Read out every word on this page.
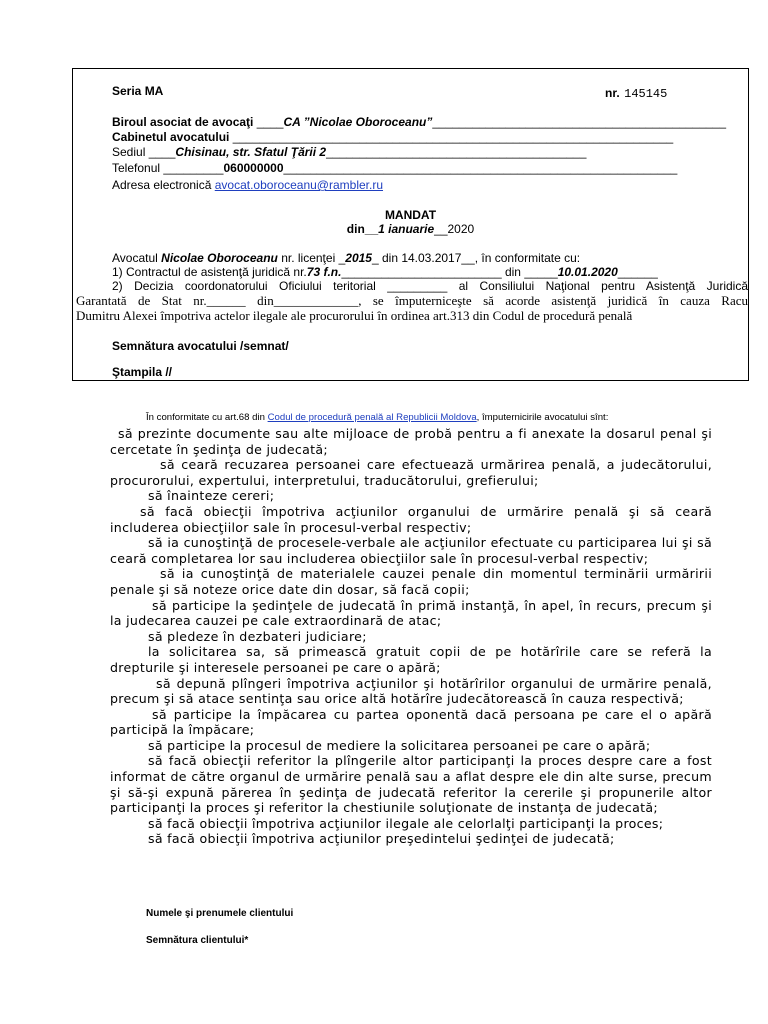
Seria MA	nr. 145145
Biroul asociat de avocaţi ____CA ”Nicolae Oboroceanu”____________________________________________
Cabinetul avocatului __________________________________________________________________
Sediul ____Chisinau, str. Sfatul Ţării 2_______________________________________
Telefonul _________060000000___________________________________________________________
Adresa electronică avocat.oboroceanu@rambler.ru
MANDAT
din__1 ianuarie__2020
Avocatul Nicolae Oboroceanu nr. licenţei _2015_ din 14.03.2017__, în conformitate cu:
1) Contractul de asistenţă juridică nr.73 f.n.________________________ din _____10.01.2020______
2) Decizia coordonatorului Oficiului teritorial _________ al Consiliului Naţional pentru Asistenţă Juridică
Garantată de Stat nr.______ din_____________, se împuterniceşte să acorde asistenţă juridică în cauza Racu
Dumitru Alexei împotriva actelor ilegale ale procurorului în ordinea art.313 din Codul de procedură penală
Semnătura avocatului /semnat/
Ştampila //
În conformitate cu art.68 din Codul de procedură penală al Republicii Moldova, împuternicirile avocatului sînt:

să prezinte documente sau alte mijloace de probă pentru a fi anexate la dosarul penal şi cercetate în şedinţa de judecată;

să ceară recuzarea persoanei care efectuează urmărirea penală, a judecătorului, procurorului, expertului, interpretului, traducătorului, grefierului;

să înainteze cereri;

să facă obiecţii împotriva acţiunilor organului de urmărire penală şi să ceară includerea obiecţiilor sale în procesul-verbal respectiv;

să ia cunoştinţă de procesele-verbale ale acţiunilor efectuate cu participarea lui şi să ceară completarea lor sau includerea obiecţiilor sale în procesul-verbal respectiv;

să ia cunoştinţă de materialele cauzei penale din momentul terminării urmăririi penale şi să noteze orice date din dosar, să facă copii;

să participe la şedinţele de judecată în primă instanţă, în apel, în recurs, precum şi la judecarea cauzei pe cale extraordinară de atac;

să pledeze în dezbateri judiciare;

la solicitarea sa, să primească gratuit copii de pe hotărîrile care se referă la drepturile şi interesele persoanei pe care o apără;

să depună plîngeri împotriva acţiunilor şi hotărîrilor organului de urmărire penală, precum şi să atace sentinţa sau orice altă hotărîre judecătorească în cauza respectivă;

să participe la împăcarea cu partea oponentă dacă persoana pe care el o apără participă la împăcare;

să participe la procesul de mediere la solicitarea persoanei pe care o apără;

să facă obiecţii referitor la plîngerile altor participanţi la proces despre care a fost informat de către organul de urmărire penală sau a aflat despre ele din alte surse, precum şi să-şi expună părerea în şedinţa de judecată referitor la cererile şi propunerile altor participanţi la proces şi referitor la chestiunile soluţionate de instanţa de judecată;

să facă obiecţii împotriva acţiunilor ilegale ale celorlalţi participanţi la proces;

să facă obiecţii împotriva acţiunilor preşedintelui şedinţei de judecată;

Numele şi prenumele clientului
Semnătura clientului*
